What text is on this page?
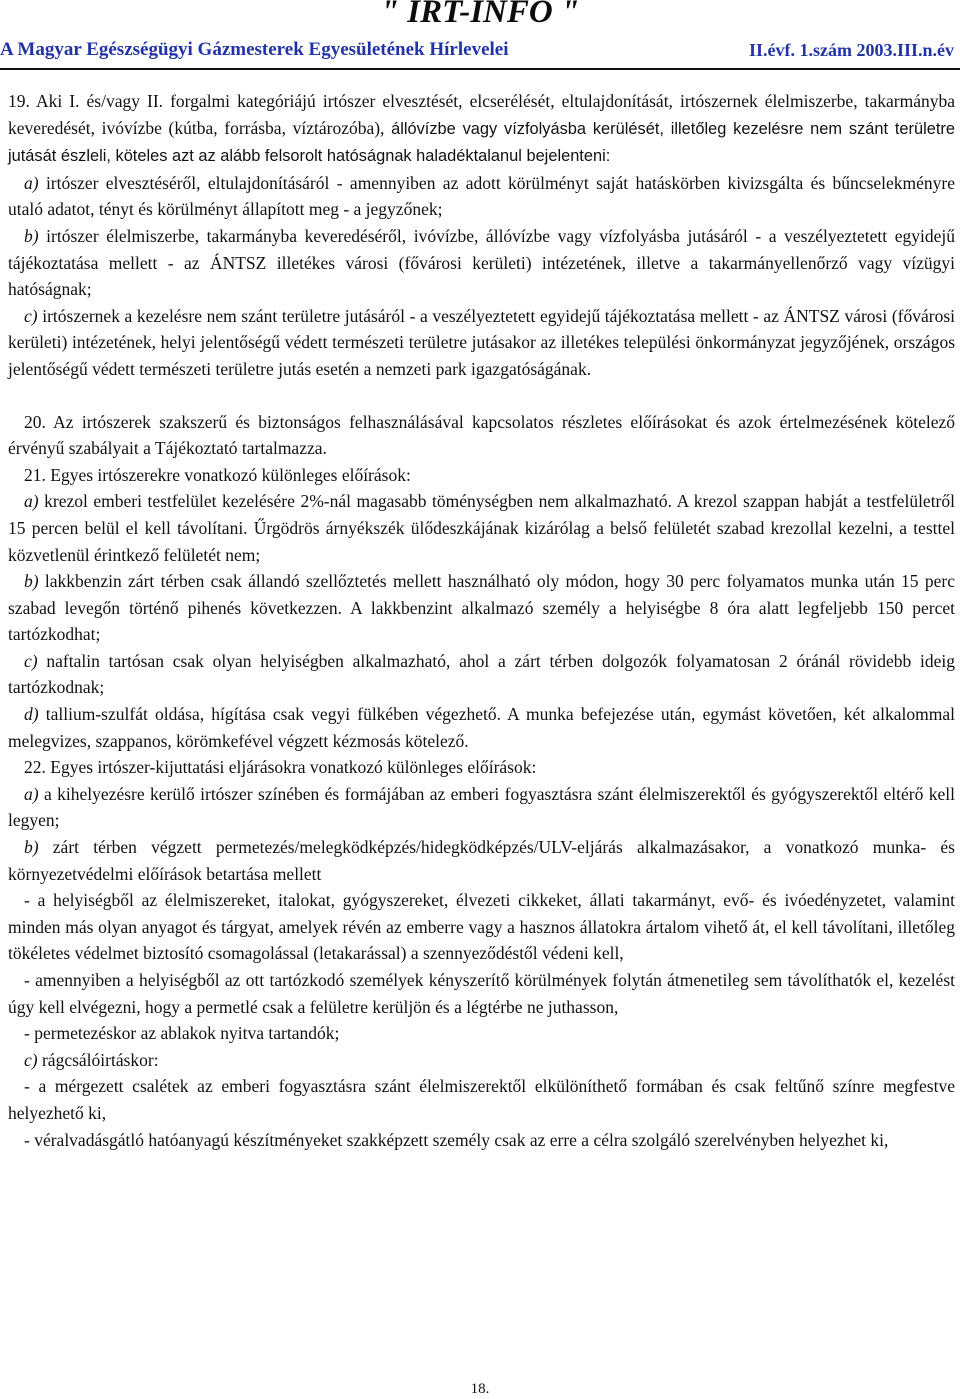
" IRT-INFO "
A Magyar Egészségügyi Gázmesterek Egyesületének Hírlevelei	II.évf. 1.szám 2003.III.n.év

19. Aki I. és/vagy II. forgalmi kategóriájú irtószer elvesztését, elcserélését, eltulajdonítását, irtószernek élelmiszerbe, takarmányba keveredését, ivóvízbe (kútba, forrásba, víztározóba), állóvízbe vagy vízfolyásba kerülését, illetőleg kezelésre nem szánt területre jutását észleli, köteles azt az alább felsorolt hatóságnak haladéktalanul bejelenteni:

a) irtószer elvesztéséről, eltulajdonításáról - amennyiben az adott körülményt saját hatáskörben kivizsgálta és bűncselekményre utaló adatot, tényt és körülményt állapított meg - a jegyzőnek;

b) irtószer élelmiszerbe, takarmányba keveredéséről, ivóvízbe, állóvízbe vagy vízfolyásba jutásáról - a veszélyeztetett egyidejű tájékoztatása mellett - az ÁNTSZ illetékes városi (fővárosi kerületi) intézetének, illetve a takarmányellenőrző vagy vízügyi hatóságnak;

c) irtószernek a kezelésre nem szánt területre jutásáról - a veszélyeztetett egyidejű tájékoztatása mellett - az ÁNTSZ városi (fővárosi kerületi) intézetének, helyi jelentőségű védett természeti területre jutásakor az illetékes települési önkormányzat jegyzőjének, országos jelentőségű védett természeti területre jutás esetén a nemzeti park igazgatóságának.

20. Az irtószerek szakszerű és biztonságos felhasználásával kapcsolatos részletes előírásokat és azok értelmezésének kötelező érvényű szabályait a Tájékoztató tartalmazza.

21. Egyes irtószerekre vonatkozó különleges előírások:

a) krezol emberi testfelület kezelésére 2%-nál magasabb töménységben nem alkalmazható. A krezol szappan habját a testfelületről 15 percen belül el kell távolítani. Űrgödrös árnyékszék ülődeszkájának kizárólag a belső felületét szabad krezollal kezelni, a testtel közvetlenül érintkező felületét nem;

b) lakkbenzin zárt térben csak állandó szellőztetés mellett használható oly módon, hogy 30 perc folyamatos munka után 15 perc szabad levegőn történő pihenés következzen. A lakkbenzint alkalmazó személy a helyiségbe 8 óra alatt legfeljebb 150 percet tartózkodhat;

c) naftalin tartósan csak olyan helyiségben alkalmazható, ahol a zárt térben dolgozók folyamatosan 2 óránál rövidebb ideig tartózkodnak;

d) tallium-szulfát oldása, hígítása csak vegyi fülkében végezhető. A munka befejezése után, egymást követően, két alkalommal melegvizes, szappanos, körömkefével végzett kézmosás kötelező.

22. Egyes irtószer-kijuttatási eljárásokra vonatkozó különleges előírások:

a) a kihelyezésre kerülő irtószer színében és formájában az emberi fogyasztásra szánt élelmiszerektől és gyógyszerektől eltérő kell legyen;

b) zárt térben végzett permetezés/melegködképzés/hidegködképzés/ULV-eljárás alkalmazásakor, a vonatkozó munka- és környezetvédelmi előírások betartása mellett

- a helyiségből az élelmiszereket, italokat, gyógyszereket, élvezeti cikkeket, állati takarmányt, evő- és ivóedényzetet, valamint minden más olyan anyagot és tárgyat, amelyek révén az emberre vagy a hasznos állatokra ártalom vihető át, el kell távolítani, illetőleg tökéletes védelmet biztosító csomagolással (letakarással) a szennyeződéstől védeni kell,

- amennyiben a helyiségből az ott tartózkodó személyek kényszerítő körülmények folytán átmenetileg sem távolíthatók el, kezelést úgy kell elvégezni, hogy a permetlé csak a felületre kerüljön és a légtérbe ne juthasson,

- permetezéskor az ablakok nyitva tartandók;

c) rágcsálóirtáskor:

- a mérgezett csalétek az emberi fogyasztásra szánt élelmiszerektől elkülöníthető formában és csak feltűnő színre megfestve helyezhető ki,

- véralvadásgátló hatóanyagú készítményeket szakképzett személy csak az erre a célra szolgáló szerelvényben helyezhet ki,

18.
